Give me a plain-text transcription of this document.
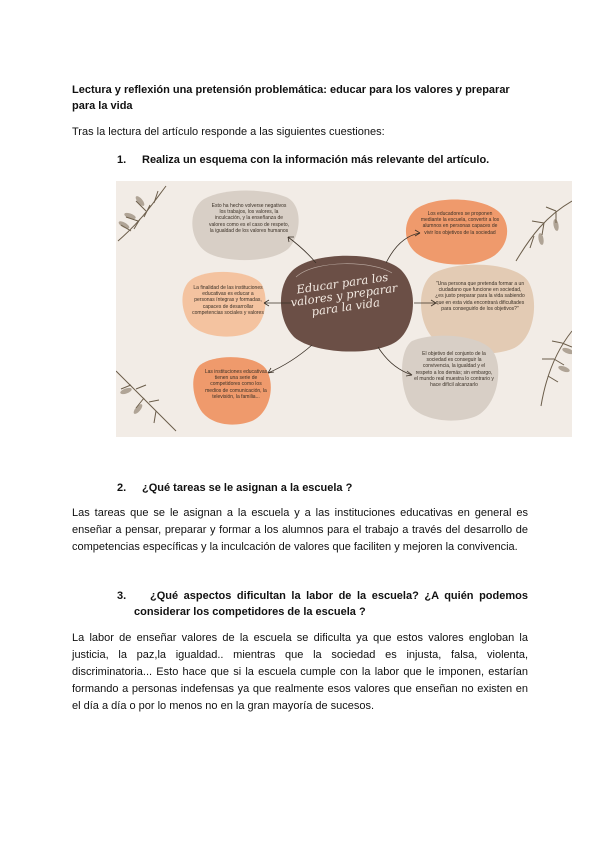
Lectura y reflexión una pretensión problemática: educar para los valores y preparar para la vida
Tras la lectura del artículo responde a las siguientes cuestiones:
1. Realiza un esquema con la información más relevante del artículo.
Educar para los valores y preparar para la vida
Esto ha hecho volverse negativos los trabajos, los valores, la inculcación, y la enseñanza de valores como es el caso de respeto, la igualdad de los valores humanos
Los educadores se proponen mediante la escuela, convertir a los alumnos en personas capaces de vivir los objetivos de la sociedad
"Una persona que pretenda formar a un ciudadano que funcione en sociedad, ¿es justo preparar para la vida sabiendo que en esta vida encontrará dificultades para conseguirlo de los objetivos?"
La finalidad de las instituciones educativas es educar a personas íntegras y formadas, capaces de desarrollar competencias sociales y valores
Las instituciones educativas tienen una serie de competidores como los medios de comunicación, la televisión, la familia...
El objetivo del conjunto de la sociedad es conseguir la convivencia, la igualdad y el respeto a los demás; sin embargo, el mundo real muestra lo contrario y hace difícil alcanzarlo
2. ¿Qué tareas se le asignan a la escuela ?
Las tareas que se le asignan a la escuela y a las instituciones educativas en general es enseñar a pensar, preparar y formar a los alumnos para el trabajo a través del desarrollo de competencias específicas y la inculcación de valores que faciliten y mejoren la convivencia.
3.	¿Qué aspectos dificultan la labor de la escuela? ¿A quién podemos considerar los competidores de la escuela ?
La labor de enseñar valores de la escuela se dificulta ya que estos valores engloban la justicia, la paz,la igualdad.. mientras que la sociedad es injusta, falsa, violenta, discriminatoria... Esto hace que si la escuela cumple con la labor que le imponen, estarían formando a personas indefensas ya que realmente esos valores que enseñan no existen en el día a día o por lo menos no en la gran mayoría de sucesos.
